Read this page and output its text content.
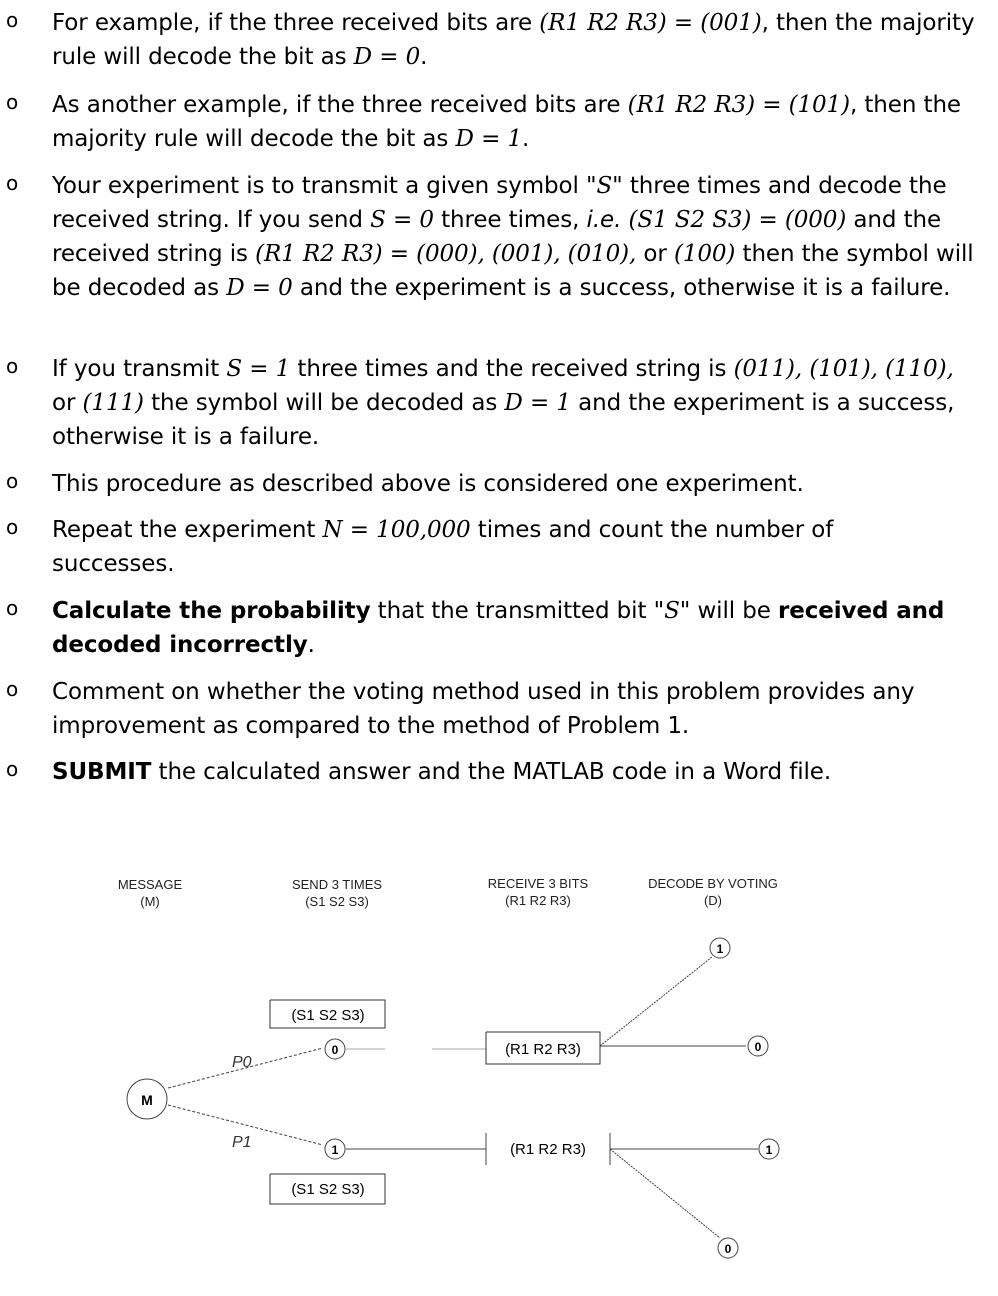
o For example, if the three received bits are (R1 R2 R3) = (001), then the majority rule will decode the bit as D = 0.
o As another example, if the three received bits are (R1 R2 R3) = (101), then the majority rule will decode the bit as D = 1.
o Your experiment is to transmit a given symbol "S" three times and decode the received string. If you send S = 0 three times, i.e. (S1 S2 S3) = (000) and the received string is (R1 R2 R3) = (000), (001), (010), or (100) then the symbol will be decoded as D = 0 and the experiment is a success, otherwise it is a failure.
o If you transmit S = 1 three times and the received string is (011), (101), (110), or (111) the symbol will be decoded as D = 1 and the experiment is a success, otherwise it is a failure.
o This procedure as described above is considered one experiment.
o Repeat the experiment N = 100,000 times and count the number of successes.
o Calculate the probability that the transmitted bit "S" will be received and decoded incorrectly.
o Comment on whether the voting method used in this problem provides any improvement as compared to the method of Problem 1.
o SUBMIT the calculated answer and the MATLAB code in a Word file.
MESSAGE
(M)
SEND 3 TIMES
(S1 S2 S3)
RECEIVE 3 BITS
(R1 R2 R3)
DECODE BY VOTING
(D)
(S1 S2 S3)
(S1 S2 S3)
(R1 R2 R3)
(R1 R2 R3)
P0
P1
M
0
1
1
0
1
0
